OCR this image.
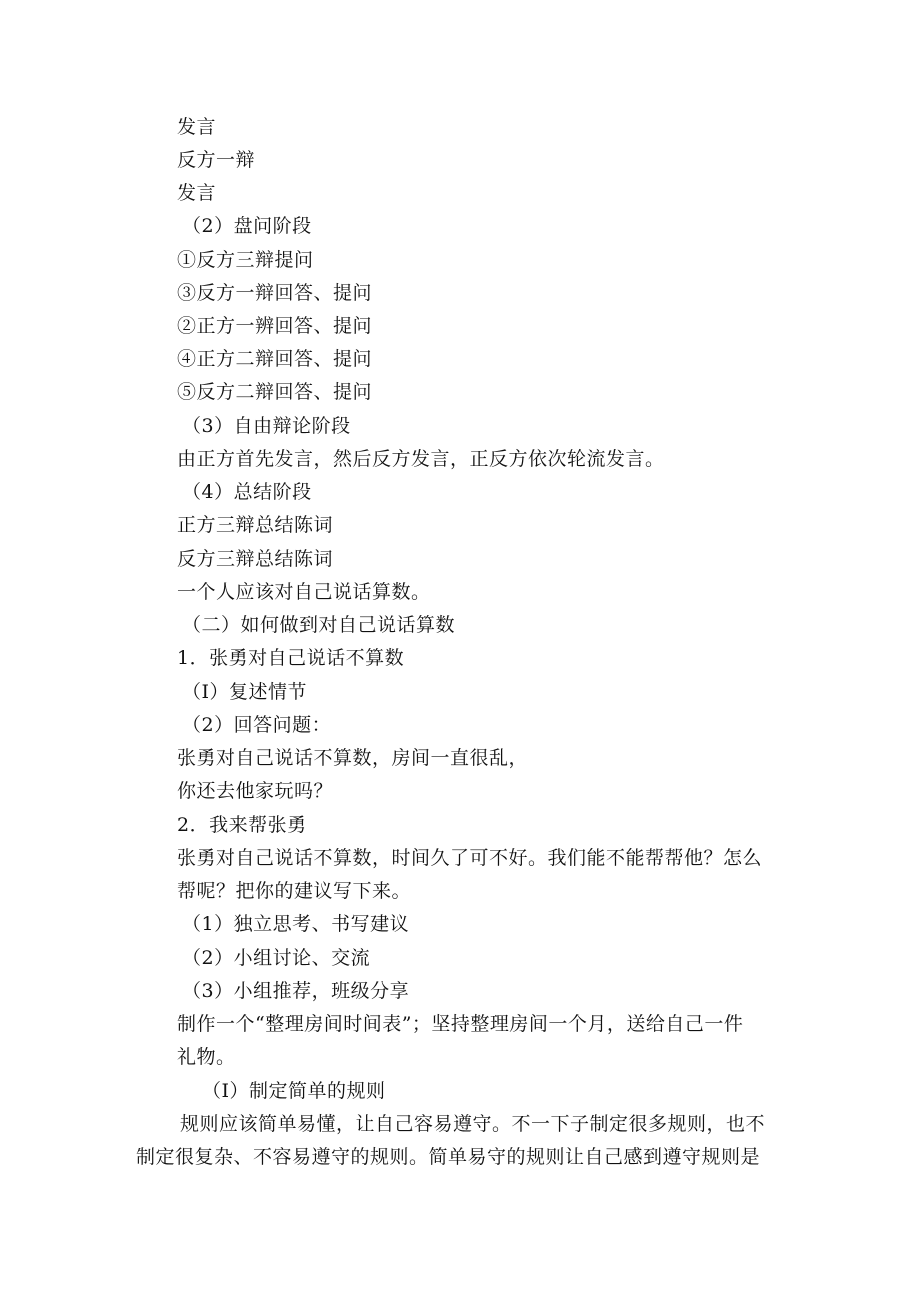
发言
反方一辩
发言
（2）盘问阶段
①反方三辩提问
③反方一辩回答、提问
②正方一辨回答、提问
④正方二辩回答、提问
⑤反方二辩回答、提问
（3）自由辩论阶段
由正方首先发言，然后反方发言，正反方依次轮流发言。
（4）总结阶段
正方三辩总结陈词
反方三辩总结陈词
一个人应该对自己说话算数。
（二）如何做到对自己说话算数
1．张勇对自己说话不算数
（I）复述情节
（2）回答问题：
张勇对自己说话不算数，房间一直很乱，
你还去他家玩吗？
2．我来帮张勇
张勇对自己说话不算数，时间久了可不好。我们能不能帮帮他？怎么
帮呢？把你的建议写下来。
（1）独立思考、书写建议
（2）小组讨论、交流
（3）小组推荐，班级分享
制作一个“整理房间时间表”；坚持整理房间一个月，送给自己一件
礼物。
（I）制定简单的规则
规则应该简单易懂，让自己容易遵守。不一下子制定很多规则，也不
制定很复杂、不容易遵守的规则。简单易守的规则让自己感到遵守规则是
